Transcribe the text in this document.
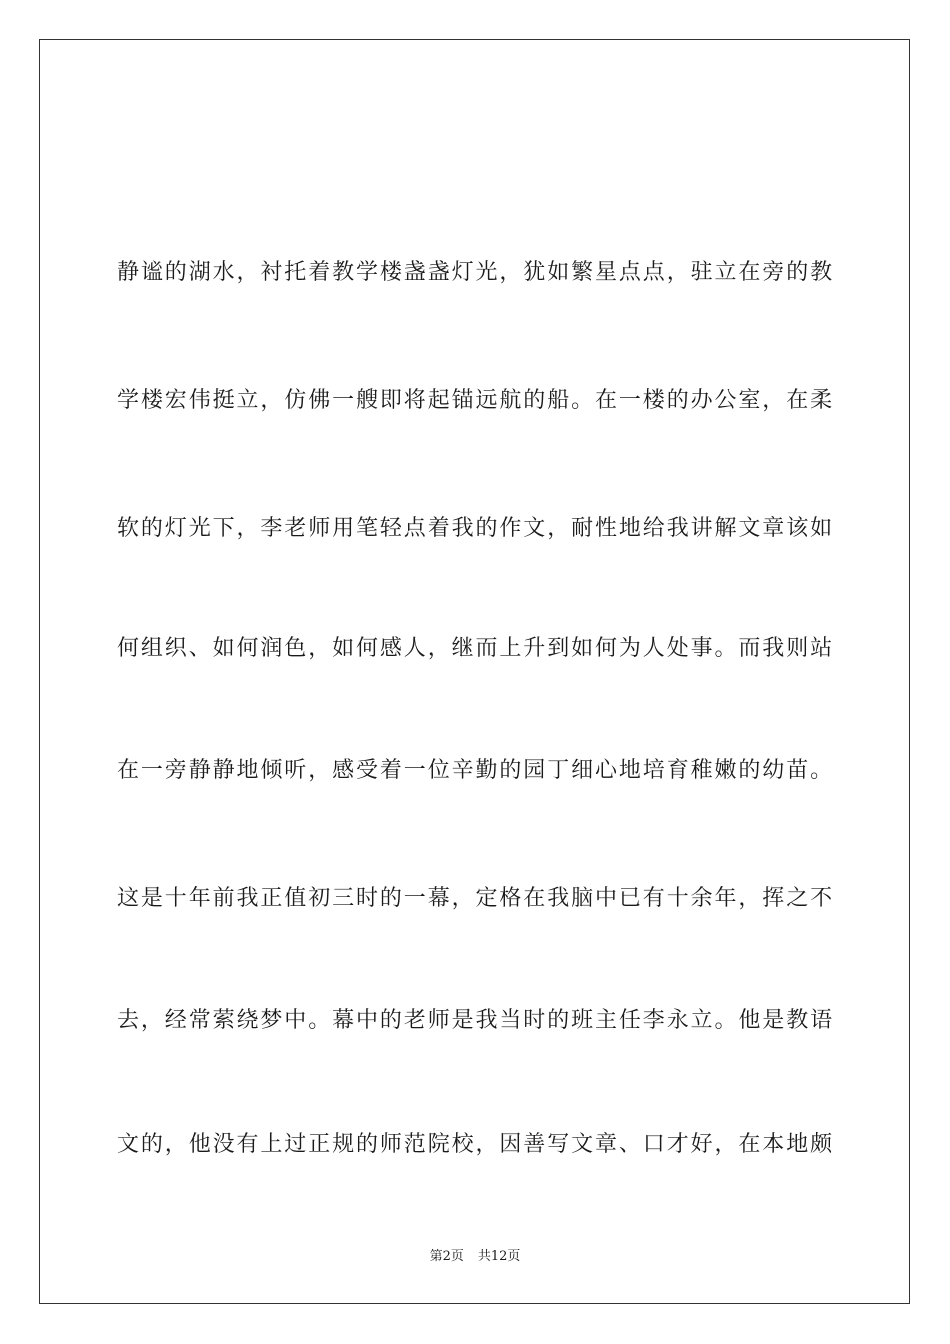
静谧的湖水，衬托着教学楼盏盏灯光，犹如繁星点点，驻立在旁的教
学楼宏伟挺立，仿佛一艘即将起锚远航的船。在一楼的办公室，在柔
软的灯光下，李老师用笔轻点着我的作文，耐性地给我讲解文章该如
何组织、如何润色，如何感人，继而上升到如何为人处事。而我则站
在一旁静静地倾听，感受着一位辛勤的园丁细心地培育稚嫩的幼苗。
这是十年前我正值初三时的一幕，定格在我脑中已有十余年，挥之不
去，经常萦绕梦中。幕中的老师是我当时的班主任李永立。他是教语
文的，他没有上过正规的师范院校，因善写文章、口才好，在本地颇
第2页 共12页
